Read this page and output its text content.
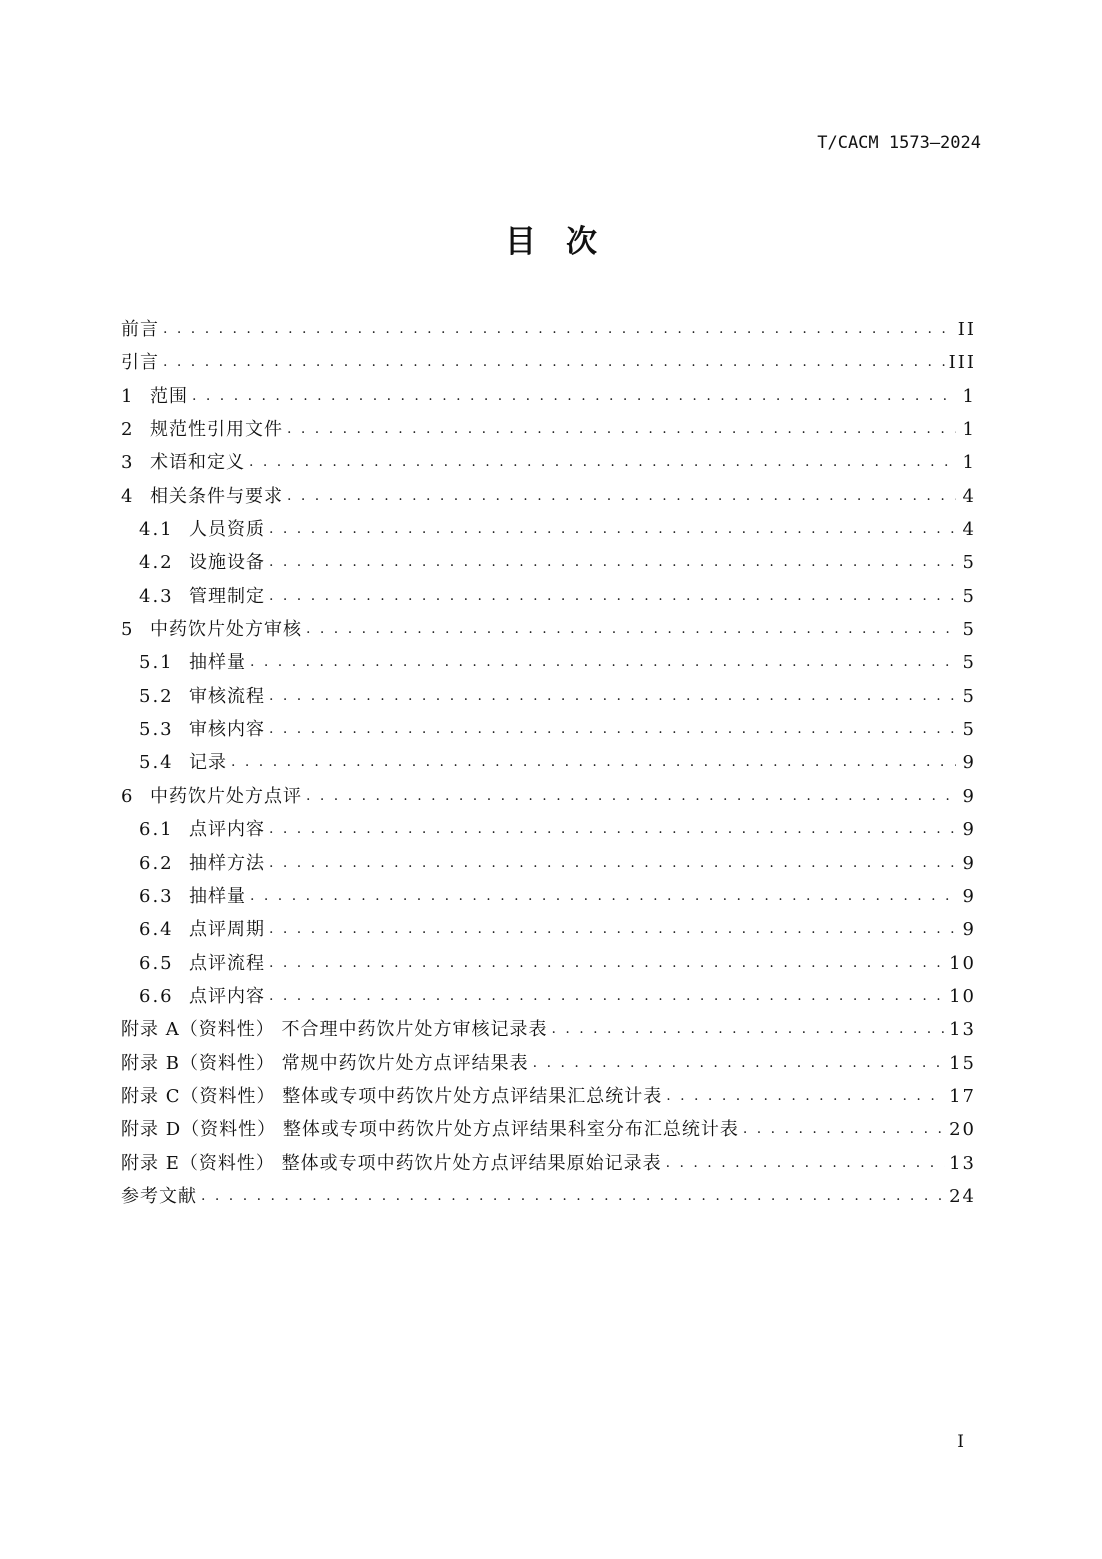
T/CACM 1573—2024
目次
前言 . . .	II
引言 . . .	III
1 范围 . . .	1
2 规范性引用文件 . . .	1
3 术语和定义 . . .	1
4 相关条件与要求 . . .	4
4.1 人员资质 . . .	4
4.2 设施设备 . . .	5
4.3 管理制定 . . .	5
5 中药饮片处方审核 . . .	5
5.1 抽样量 . . .	5
5.2 审核流程 . . .	5
5.3 审核内容 . . .	5
5.4 记录 . . .	9
6 中药饮片处方点评 . . .	9
6.1 点评内容 . . .	9
6.2 抽样方法 . . .	9
6.3 抽样量 . . .	9
6.4 点评周期 . . .	9
6.5 点评流程 . . .	10
6.6 点评内容 . . .	10
附录 A（资料性） 不合理中药饮片处方审核记录表 . . .	13
附录 B（资料性） 常规中药饮片处方点评结果表 . . .	15
附录 C（资料性） 整体或专项中药饮片处方点评结果汇总统计表 . . .	17
附录 D（资料性） 整体或专项中药饮片处方点评结果科室分布汇总统计表 . . .	20
附录 E（资料性） 整体或专项中药饮片处方点评结果原始记录表 . . .	13
参考文献 . . .	24
I
